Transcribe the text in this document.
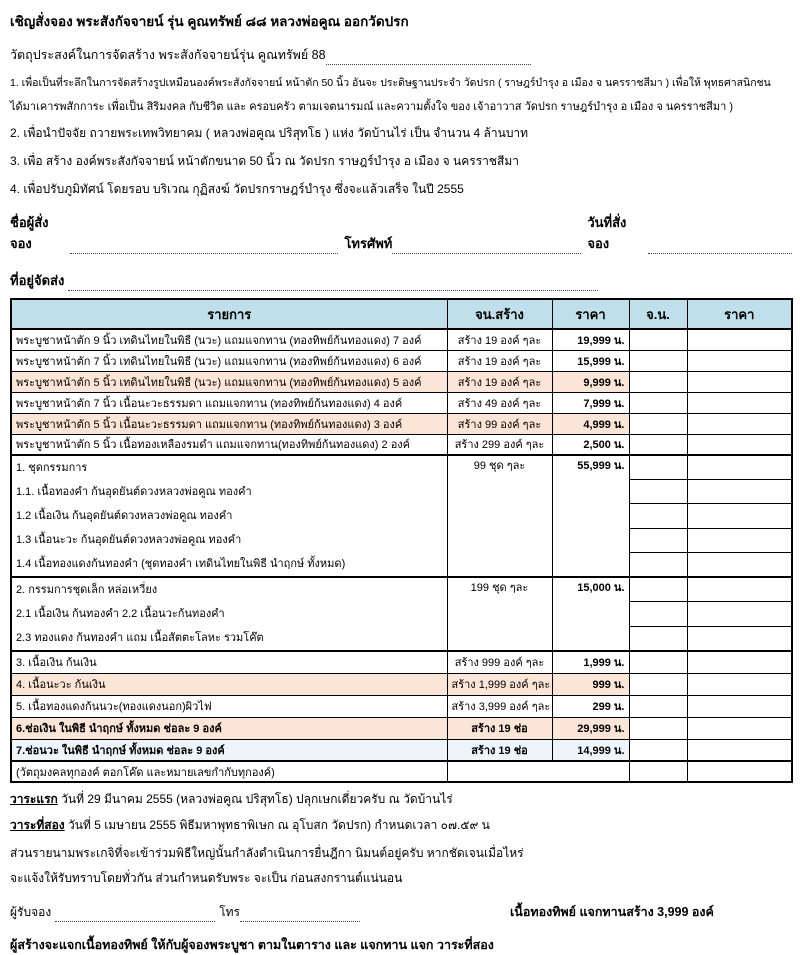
เชิญสั่งจอง พระสังกัจจายน์ รุ่น คูณทรัพย์ ๘๘ หลวงพ่อคูณ ออกวัดปรก
วัตถุประสงค์ในการจัดสร้าง พระสังกัจจายน์รุ่น คูณทรัพย์ 88
1. เพื่อเป็นที่ระลึกในการจัดสร้างรูปเหมือนองค์พระสังกัจจายน์ หน้าตัก 50 นิ้ว อันจะ ประดิษฐานประจำ วัดปรก ( ราษฎร์บำรุง อ เมือง จ นครราชสีมา ) เพื่อให้ พุทธศาสนิกชน
ได้มาเคารพสักการะ เพื่อเป็น สิริมงคล กับชีวิต และ ครอบครัว ตามเจตนารมณ์ และความตั้งใจ ของ เจ้าอาวาส วัดปรก ราษฎร์บำรุง อ เมือง จ นครราชสีมา )
2. เพื่อนำปัจจัย ถวายพระเทพวิทยาคม ( หลวงพ่อคูณ ปริสุทโธ ) แห่ง วัดบ้านไร่ เป็น จำนวน 4 ล้านบาท
3. เพื่อ สร้าง องค์พระสังกัจจายน์ หน้าตักขนาด 50 นิ้ว ณ วัดปรก ราษฎร์บำรุง อ เมือง จ นครราชสีมา
4. เพื่อปรับภูมิทัศน์ โดยรอบ บริเวณ กุฏิสงฆ์ วัดปรกราษฎร์บำรุง ซึ่งจะแล้วเสร็จ ในปี 2555
ชื่อผู้สั่งจอง	โทรศัพท์
วันที่สั่งจอง
ที่อยู่จัดส่ง
รายการ	จน.สร้าง	ราคา	จ.น.	ราคา
พระบูชาหน้าตัก 9 นิ้ว เทดินไทยในพิธี (นวะ) แถมแจกทาน (ทองทิพย์ก้นทองแดง) 7 องค์	สร้าง 19 องค์ ๆละ	19,999 น.		
พระบูชาหน้าตัก 7 นิ้ว เทดินไทยในพิธี (นวะ) แถมแจกทาน (ทองทิพย์ก้นทองแดง) 6 องค์	สร้าง 19 องค์ ๆละ	15,999 น.		
พระบูชาหน้าตัก 5 นิ้ว เทดินไทยในพิธี (นวะ) แถมแจกทาน (ทองทิพย์ก้นทองแดง) 5 องค์	สร้าง 19 องค์ ๆละ	9,999 น.		
พระบูชาหน้าตัก 7 นิ้ว เนื้อนะวะธรรมดา แถมแจกทาน (ทองทิพย์ก้นทองแดง) 4 องค์	สร้าง 49 องค์ ๆละ	7,999 น.		
พระบูชาหน้าตัก 5 นิ้ว เนื้อนะวะธรรมดา แถมแจกทาน (ทองทิพย์ก้นทองแดง) 3 องค์	สร้าง 99 องค์ ๆละ	4,999 น.		
พระบูชาหน้าตัก 5 นิ้ว เนื้อทองเหลืองรมดำ แถมแจกทาน(ทองทิพย์ก้นทองแดง) 2 องค์	สร้าง 299 องค์ ๆละ	2,500 น.		

1. ชุดกรรมการ
1.1. เนื้อทองคำ ก้นอุดยันต์ดวงหลวงพ่อคูณ ทองคำ
1.2 เนื้อเงิน ก้นอุดยันต์ดวงหลวงพ่อคูณ ทองคำ
1.3 เนื้อนะวะ ก้นอุดยันต์ดวงหลวงพ่อคูณ ทองคำ
1.4 เนื้อทองแดงก้นทองคำ (ชุดทองคำ เทดินไทยในพิธี นำฤกษ์ ทั้งหมด)	99 ชุด ๆละ	55,999 น.		

2. กรรมการชุดเล็ก หล่อเหวี่ยง
2.1 เนื้อเงิน ก้นทองคำ 2.2 เนื้อนวะก้นทองคำ
2.3 ทองแดง ก้นทองคำ แถม เนื้อสัตตะโลหะ รวมโค๊ต	199 ชุด ๆละ	15,000 น.		

3. เนื้อเงิน ก้นเงิน	สร้าง 999 องค์ ๆละ	1,999 น.		
4. เนื้อนะวะ ก้นเงิน	สร้าง 1,999 องค์ ๆละ	999 น.		
5. เนื้อทองแดงก้นนวะ(ทองแดงนอก)ผิวไฟ	สร้าง 3,999 องค์ ๆละ	299 น.		
6.ช่อเงิน ในพิธี นำฤกษ์ ทั้งหมด ช่อละ 9 องค์	สร้าง 19 ช่อ	29,999 น.		
7.ช่อนวะ ในพิธี นำฤกษ์ ทั้งหมด ช่อละ 9 องค์	สร้าง 19 ช่อ	14,999 น.		
(วัตถุมงคลทุกองค์ ตอกโค๊ด และหมายเลขกำกับทุกองค์)				
วาระแรก วันที่ 29 มีนาคม 2555 (หลวงพ่อคูณ ปริสุทโธ) ปลุกเษกเดี่ยวครับ ณ วัดบ้านไร่
วาระที่สอง วันที่ 5 เมษายน 2555 พิธีมหาพุทธาพิเษก ณ อุโบสก วัดปรก) กำหนดเวลา ๐๗.๕๙ น
ส่วนรายนามพระเกจิที่จะเข้าร่วมพิธีใหญ่นั้นกำลังดำเนินการยื่นฎีกา นิมนต์อยู่ครับ หากชัดเจนเมื่อไหร่
จะแจ้งให้รับทราบโดยทั่วกัน ส่วนกำหนดรับพระ จะเป็น ก่อนสงกรานต์แน่นอน
ผู้รับจอง	โทร	เนื้อทองทิพย์ แจกทานสร้าง 3,999 องค์
ผู้สร้างจะแจกเนื้อทองทิพย์ ให้กับผู้จองพระบูชา ตามในตาราง และ แจกทาน แจก วาระที่สอง
